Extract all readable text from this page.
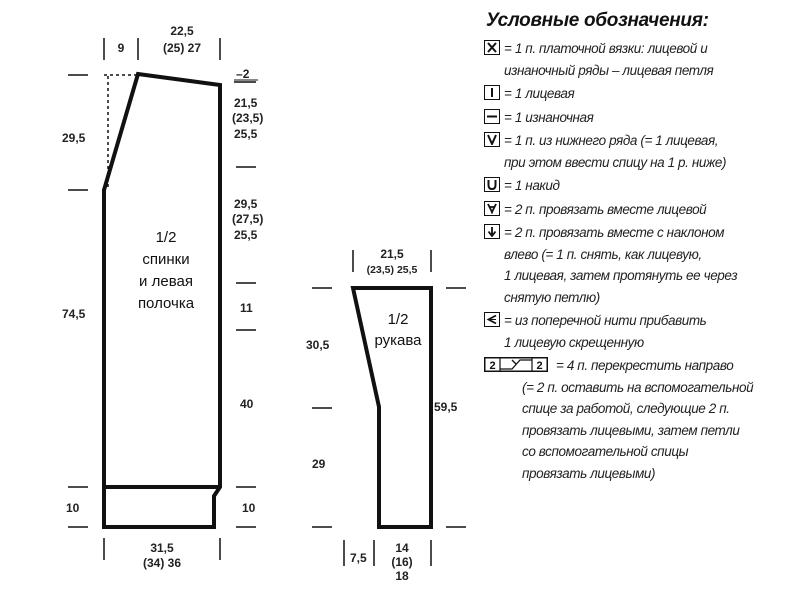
9
22,5
(25) 27
29,5
74,5
10
–2
21,5
(23,5)
25,5
29,5
(27,5)
25,5
11
40
10
31,5
(34) 36
1/2
спинки
и левая
полочка
21,5
(23,5) 25,5
30,5
29
59,5
7,5
14
(16)
18
1/2
рукава
Условные обозначения:
= 1 п. платочной вязки: лицевой и
изнаночный ряды – лицевая петля
= 1 лицевая
= 1 изнаночная
= 1 п. из нижнего ряда (= 1 лицевая,
при этом ввести спицу на 1 р. ниже)
= 1 накид
= 2 п. провязать вместе лицевой
= 2 п. провязать вместе с наклоном
влево (= 1 п. снять, как лицевую,
1 лицевая, затем протянуть ее через
снятую петлю)
= из поперечной нити прибавить
1 лицевую скрещенную
2	2 = 4 п. перекрестить направо
(= 2 п. оставить на вспомогательной
спице за работой, следующие 2 п.
провязать лицевыми, затем петли
со вспомогательной спицы
провязать лицевыми)
